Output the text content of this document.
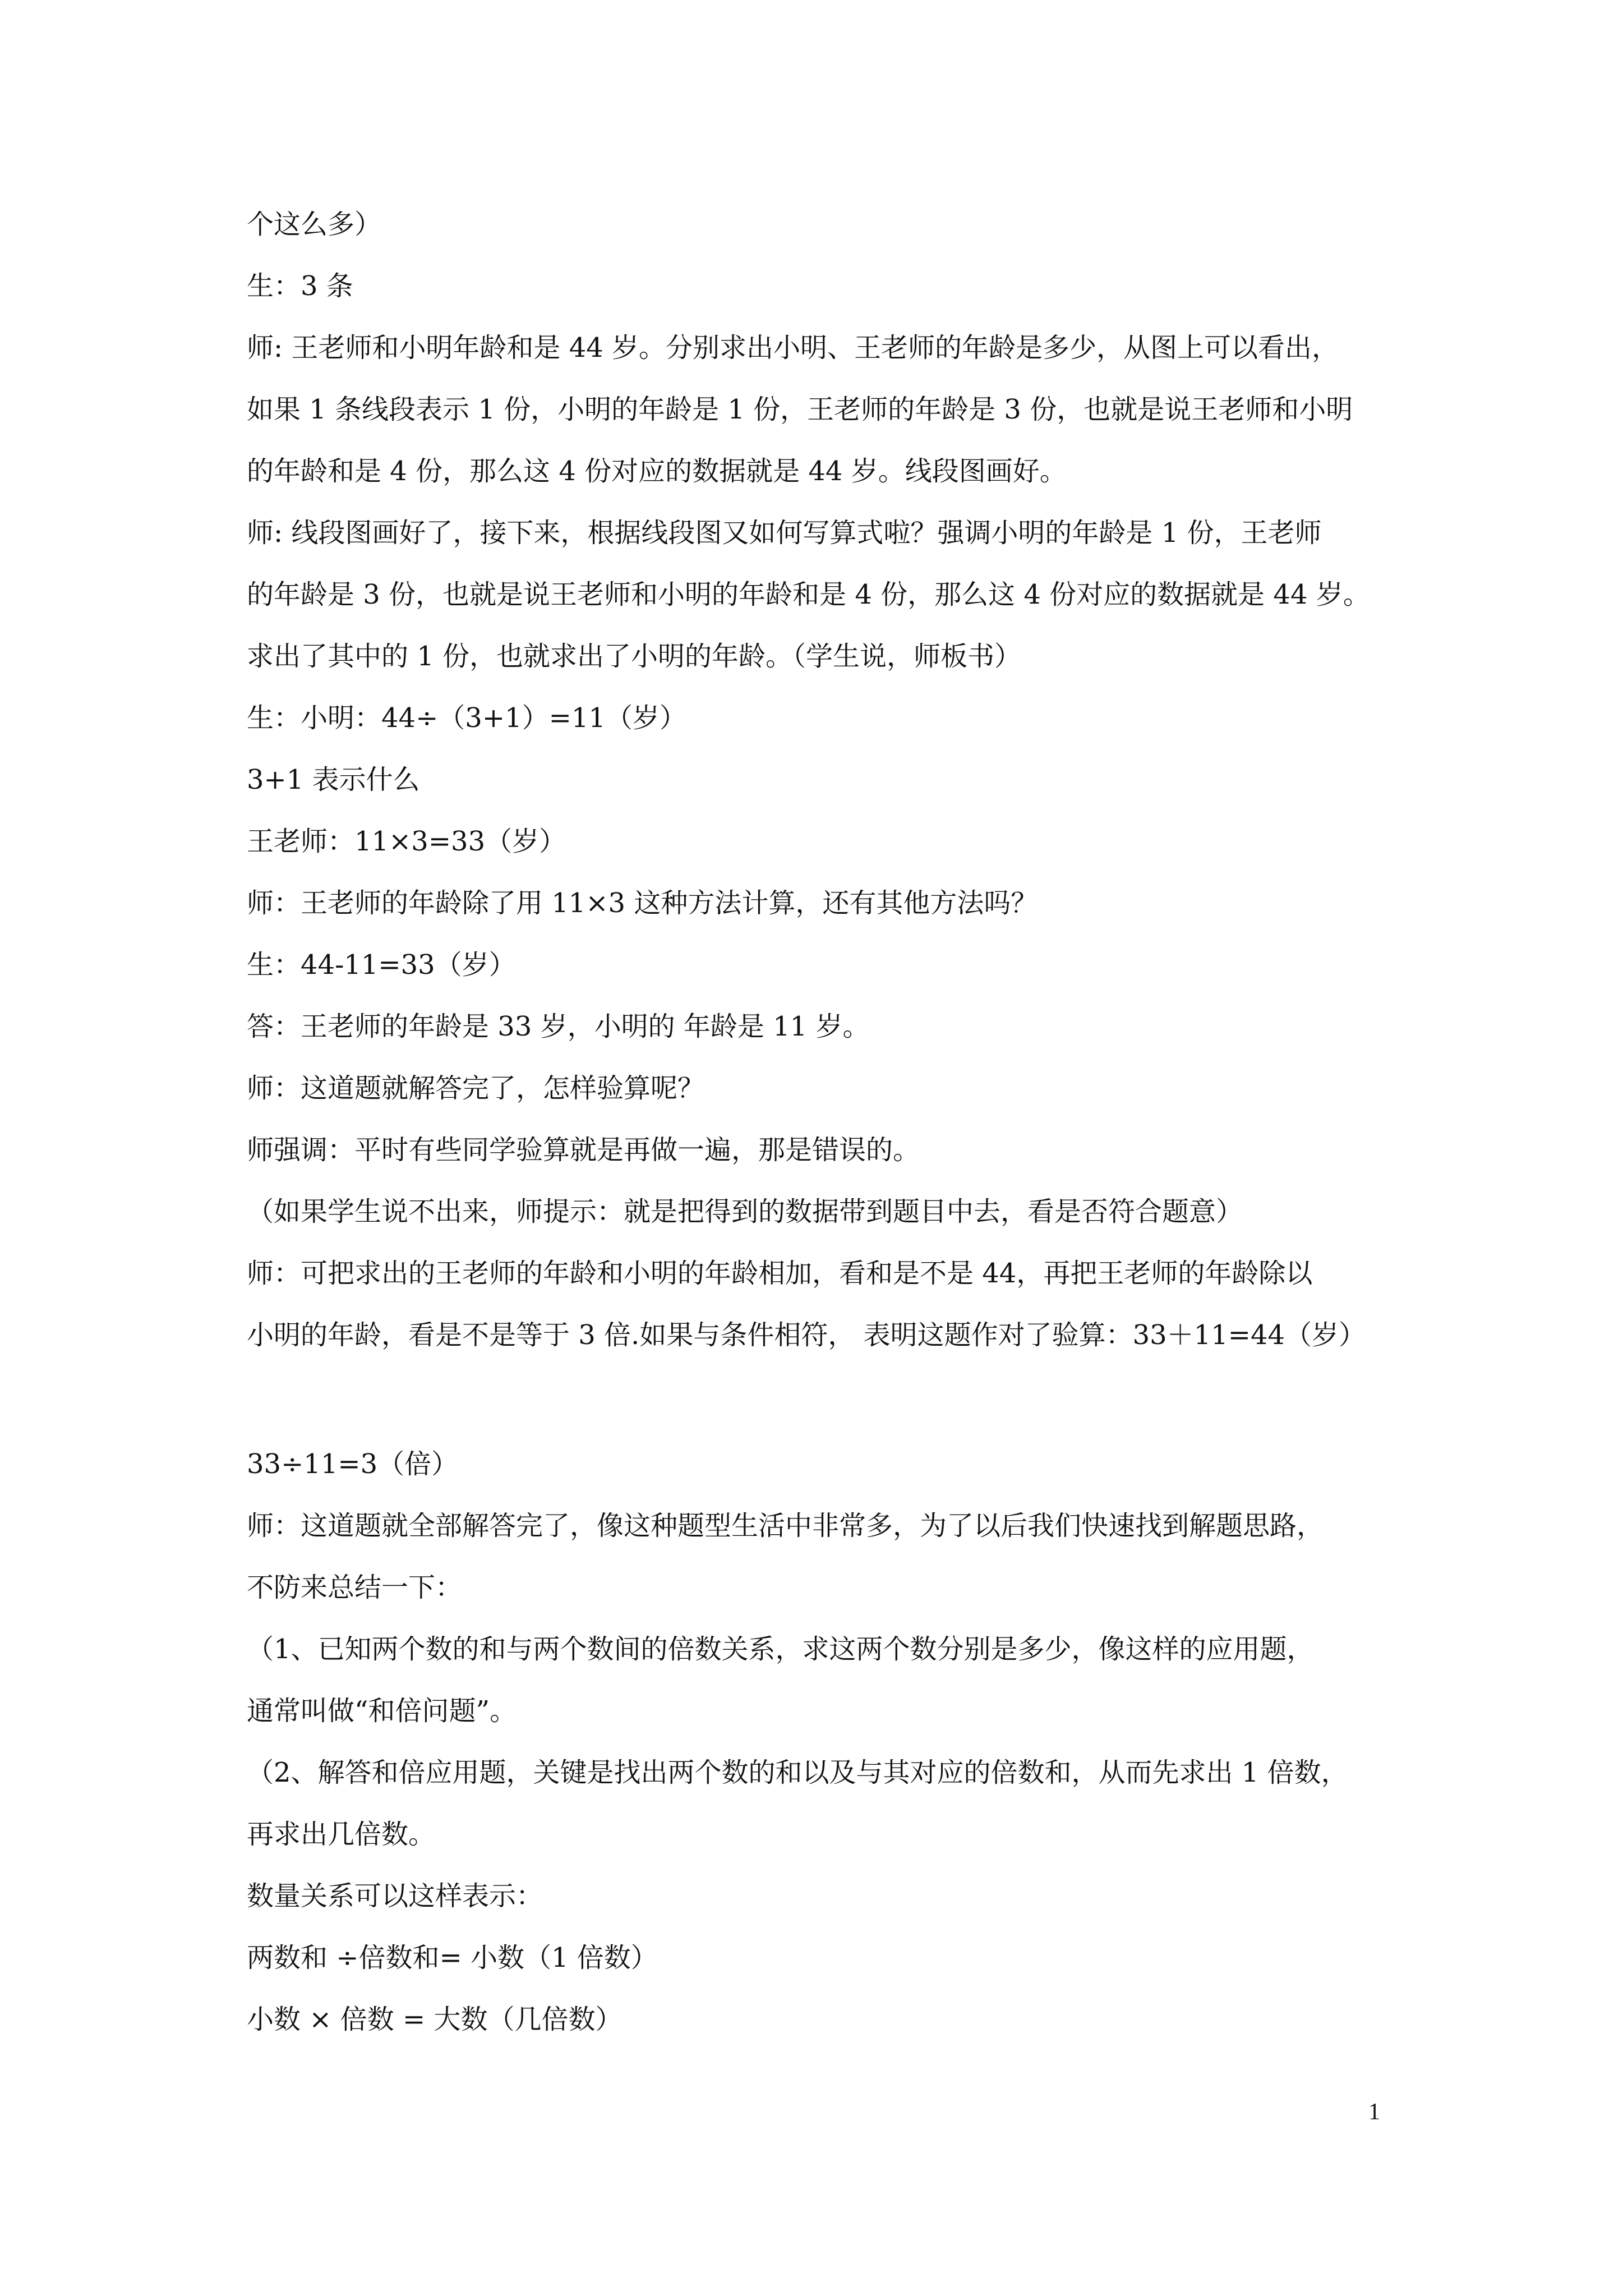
个这么多）
生：3 条
师: 王老师和小明年龄和是 44 岁。分别求出小明、王老师的年龄是多少，从图上可以看出，
如果 1 条线段表示 1 份，小明的年龄是 1 份，王老师的年龄是 3 份，也就是说王老师和小明
的年龄和是 4 份，那么这 4 份对应的数据就是 44 岁。线段图画好。
师: 线段图画好了，接下来，根据线段图又如何写算式啦？强调小明的年龄是 1 份，王老师
的年龄是 3 份，也就是说王老师和小明的年龄和是 4 份，那么这 4 份对应的数据就是 44 岁。
求出了其中的 1 份，也就求出了小明的年龄。（学生说，师板书）
生：小明：44÷（3+1）=11（岁）
3+1 表示什么
王老师：11×3=33（岁）
师：王老师的年龄除了用 11×3 这种方法计算，还有其他方法吗？
生：44-11=33（岁）
答：王老师的年龄是 33 岁，小明的 年龄是 11 岁。
师：这道题就解答完了，怎样验算呢？
师强调：平时有些同学验算就是再做一遍，那是错误的。
（如果学生说不出来，师提示：就是把得到的数据带到题目中去，看是否符合题意）
师：可把求出的王老师的年龄和小明的年龄相加，看和是不是 44，再把王老师的年龄除以
小明的年龄，看是不是等于 3 倍.如果与条件相符， 表明这题作对了验算：33＋11=44（岁）
33÷11=3（倍）
师：这道题就全部解答完了，像这种题型生活中非常多，为了以后我们快速找到解题思路，
不防来总结一下：
（1、已知两个数的和与两个数间的倍数关系，求这两个数分别是多少，像这样的应用题，
通常叫做“和倍问题”。
（2、解答和倍应用题，关键是找出两个数的和以及与其对应的倍数和，从而先求出 1 倍数，
再求出几倍数。
数量关系可以这样表示：
两数和 ÷倍数和= 小数（1 倍数）
小数 × 倍数 = 大数（几倍数）
1
